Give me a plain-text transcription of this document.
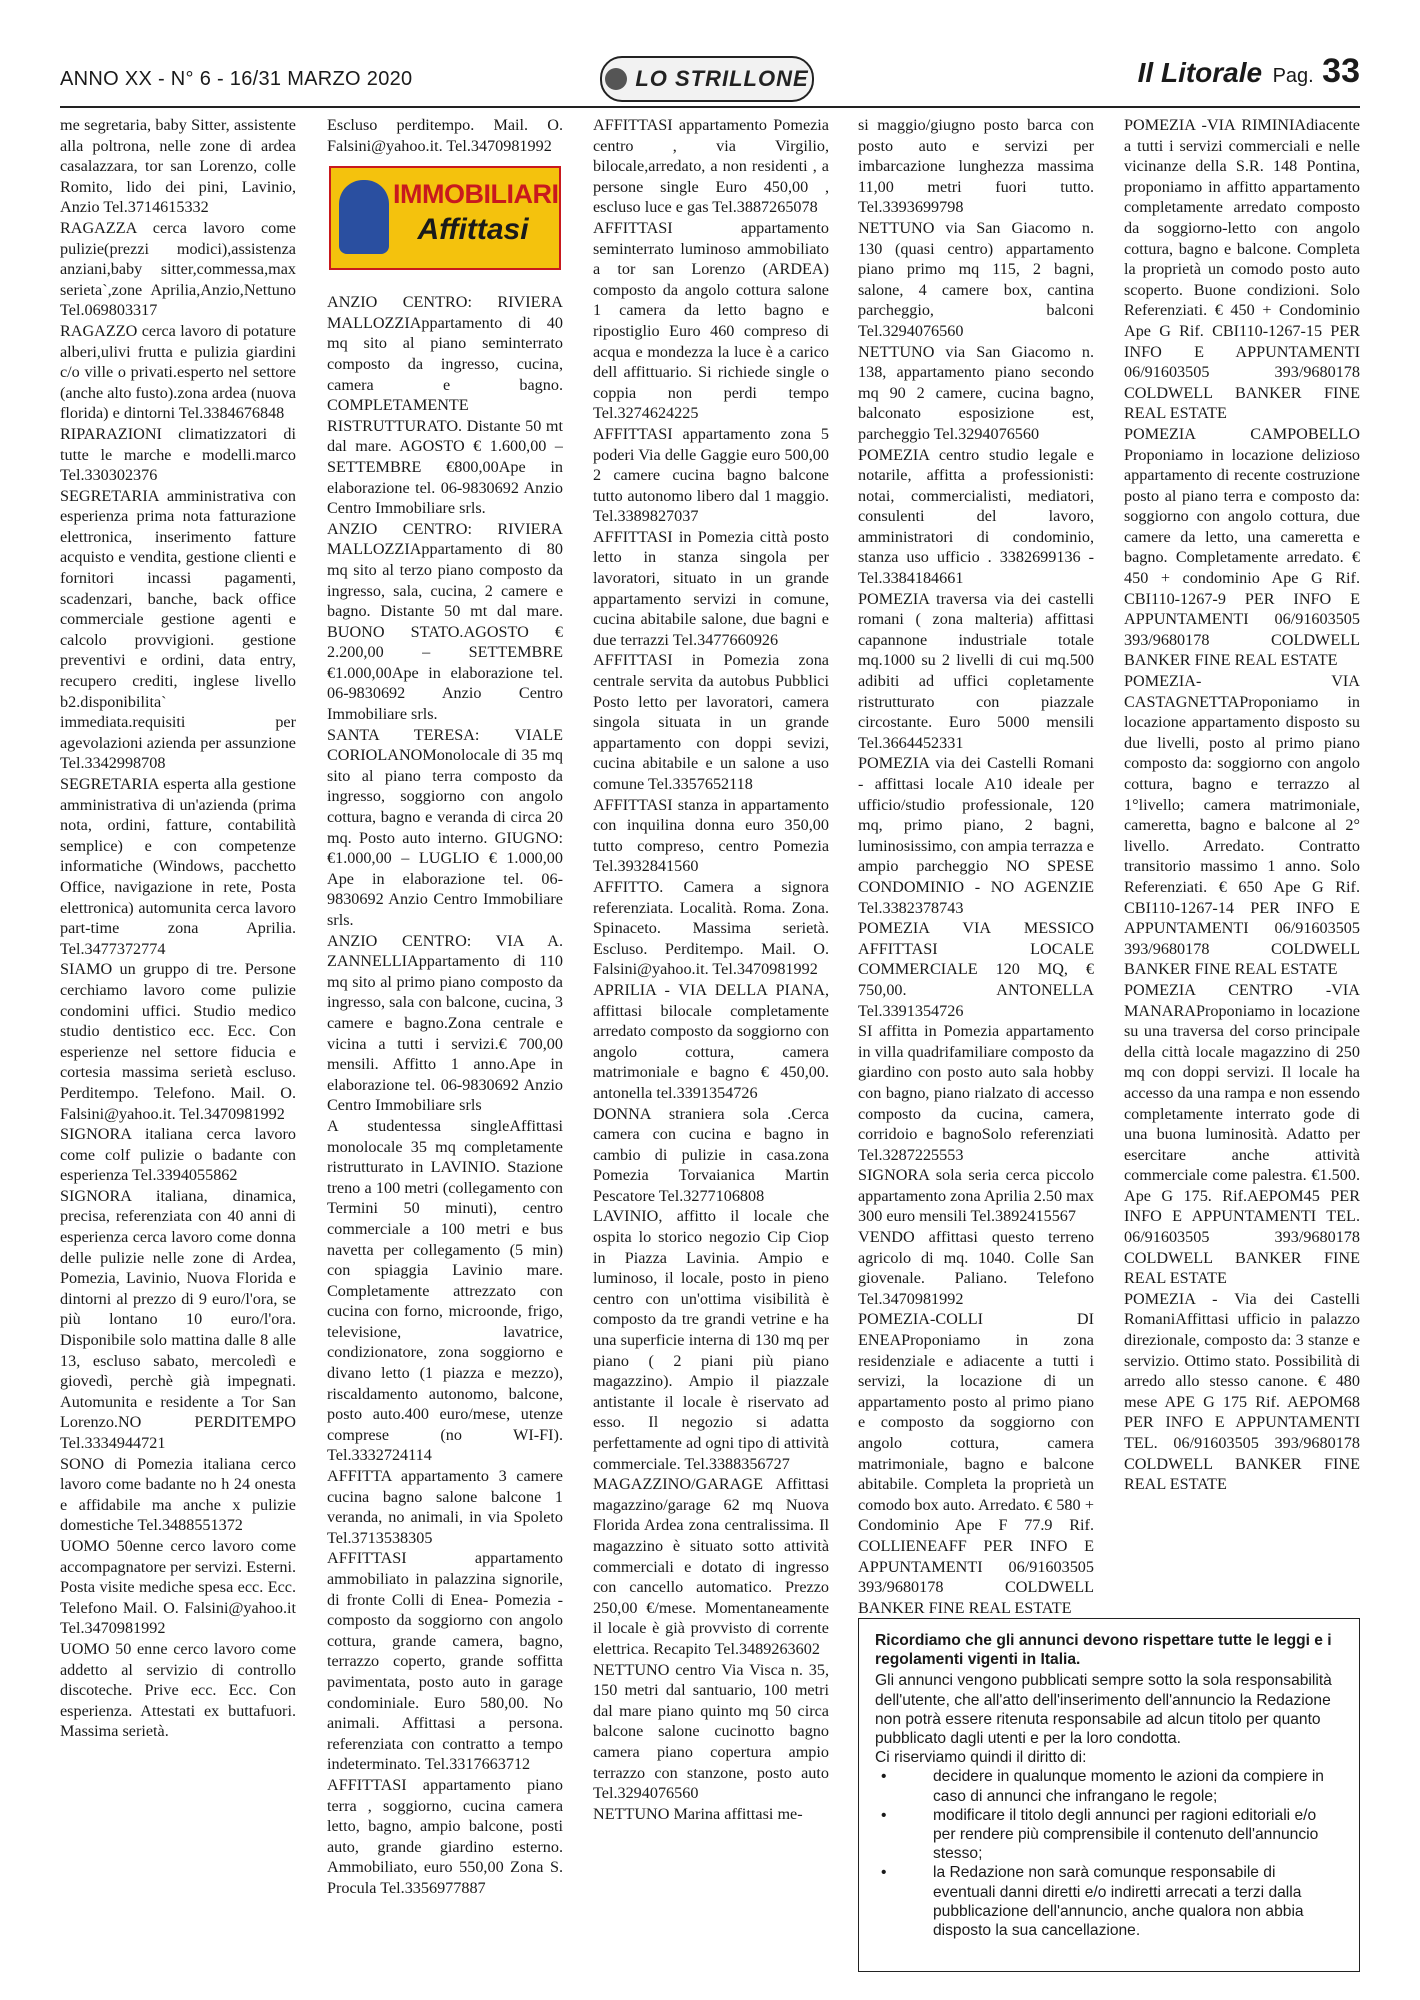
ANNO XX - N° 6 - 16/31 MARZO 2020	LO STRILLONE	Il Litorale Pag. 33

me segretaria, baby Sitter, assistente alla poltrona, nelle zone di ardea casalazzara, tor san Lorenzo, colle Romito, lido dei pini, Lavinio, Anzio Tel.3714615332

RAGAZZA cerca lavoro come pulizie(prezzi modici),assistenza anziani,baby sitter,commessa,max serieta`,zone Aprilia,Anzio,Nettuno Tel.069803317

RAGAZZO cerca lavoro di potature alberi,ulivi frutta e pulizia giardini c/o ville o privati.esperto nel settore (anche alto fusto).zona ardea (nuova florida) e dintorni Tel.3384676848

RIPARAZIONI climatizzatori di tutte le marche e modelli.marco Tel.330302376

SEGRETARIA amministrativa con esperienza prima nota fatturazione elettronica, inserimento fatture acquisto e vendita, gestione clienti e fornitori incassi pagamenti, scadenzari, banche, back office commerciale gestione agenti e calcolo provvigioni. gestione preventivi e ordini, data entry, recupero crediti, inglese livello b2.disponibilita` immediata.requisiti per agevolazioni azienda per assunzione Tel.3342998708

SEGRETARIA esperta alla gestione amministrativa di un'azienda (prima nota, ordini, fatture, contabilità semplice) e con competenze informatiche (Windows, pacchetto Office, navigazione in rete, Posta elettronica) automunita cerca lavoro part-time zona Aprilia. Tel.3477372774

SIAMO un gruppo di tre. Persone cerchiamo lavoro come pulizie condomini uffici. Studio medico studio dentistico ecc. Ecc. Con esperienze nel settore fiducia e cortesia massima serietà escluso. Perditempo. Telefono. Mail. O. Falsini@yahoo.it. Tel.3470981992

SIGNORA italiana cerca lavoro come colf pulizie o badante con esperienza Tel.3394055862

SIGNORA italiana, dinamica, precisa, referenziata con 40 anni di esperienza cerca lavoro come donna delle pulizie nelle zone di Ardea, Pomezia, Lavinio, Nuova Florida e dintorni al prezzo di 9 euro/l'ora, se più lontano 10 euro/l'ora. Disponibile solo mattina dalle 8 alle 13, escluso sabato, mercoledì e giovedì, perchè già impegnati. Automunita e residente a Tor San Lorenzo.NO PERDITEMPO Tel.3334944721

SONO di Pomezia italiana cerco lavoro come badante no h 24 onesta e affidabile ma anche x pulizie domestiche Tel.3488551372

UOMO 50enne cerco lavoro come accompagnatore per servizi. Esterni. Posta visite mediche spesa ecc. Ecc. Telefono Mail. O. Falsini@yahoo.it Tel.3470981992

UOMO 50 enne cerco lavoro come addetto al servizio di controllo discoteche. Prive ecc. Ecc. Con esperienza. Attestati ex buttafuori. Massima serietà.

Escluso perditempo. Mail. O. Falsini@yahoo.it. Tel.3470981992

IMMOBILIARI
Affittasi

ANZIO CENTRO: RIVIERA MALLOZZIAppartamento di 40 mq sito al piano seminterrato composto da ingresso, cucina, camera e bagno. COMPLETAMENTE RISTRUTTURATO. Distante 50 mt dal mare. AGOSTO € 1.600,00 – SETTEMBRE €800,00Ape in elaborazione tel. 06-9830692 Anzio Centro Immobiliare srls.

ANZIO CENTRO: RIVIERA MALLOZZIAppartamento di 80 mq sito al terzo piano composto da ingresso, sala, cucina, 2 camere e bagno. Distante 50 mt dal mare. BUONO STATO.AGOSTO € 2.200,00 – SETTEMBRE €1.000,00Ape in elaborazione tel. 06-9830692 Anzio Centro Immobiliare srls.

SANTA TERESA: VIALE CORIOLANOMonolocale di 35 mq sito al piano terra composto da ingresso, soggiorno con angolo cottura, bagno e veranda di circa 20 mq. Posto auto interno. GIUGNO: €1.000,00 – LUGLIO € 1.000,00 Ape in elaborazione tel. 06-9830692 Anzio Centro Immobiliare srls.

ANZIO CENTRO: VIA A. ZANNELLIAppartamento di 110 mq sito al primo piano composto da ingresso, sala con balcone, cucina, 3 camere e bagno.Zona centrale e vicina a tutti i servizi.€ 700,00 mensili. Affitto 1 anno.Ape in elaborazione tel. 06-9830692 Anzio Centro Immobiliare srls

A studentessa singleAffittasi monolocale 35 mq completamente ristrutturato in LAVINIO. Stazione treno a 100 metri (collegamento con Termini 50 minuti), centro commerciale a 100 metri e bus navetta per collegamento (5 min) con spiaggia Lavinio mare. Completamente attrezzato con cucina con forno, microonde, frigo, televisione, lavatrice, condizionatore, zona soggiorno e divano letto (1 piazza e mezzo), riscaldamento autonomo, balcone, posto auto.400 euro/mese, utenze comprese (no WI-FI). Tel.3332724114

AFFITTA appartamento 3 camere cucina bagno salone balcone 1 veranda, no animali, in via Spoleto Tel.3713538305

AFFITTASI appartamento ammobiliato in palazzina signorile, di fronte Colli di Enea- Pomezia - composto da soggiorno con angolo cottura, grande camera, bagno, terrazzo coperto, grande soffitta pavimentata, posto auto in garage condominiale. Euro 580,00. No animali. Affittasi a persona. referenziata con contratto a tempo indeterminato. Tel.3317663712

AFFITTASI appartamento piano terra , soggiorno, cucina camera letto, bagno, ampio balcone, posti auto, grande giardino esterno. Ammobiliato, euro 550,00 Zona S. Procula Tel.3356977887

AFFITTASI appartamento Pomezia centro , via Virgilio, bilocale,arredato, a non residenti , a persone single Euro 450,00 , escluso luce e gas Tel.3887265078

AFFITTASI appartamento seminterrato luminoso ammobiliato a tor san Lorenzo (ARDEA) composto da angolo cottura salone 1 camera da letto bagno e ripostiglio Euro 460 compreso di acqua e mondezza la luce è a carico dell affittuario. Si richiede single o coppia non perdi tempo Tel.3274624225

AFFITTASI appartamento zona 5 poderi Via delle Gaggie euro 500,00 2 camere cucina bagno balcone tutto autonomo libero dal 1 maggio. Tel.3389827037

AFFITTASI in Pomezia città posto letto in stanza singola per lavoratori, situato in un grande appartamento servizi in comune, cucina abitabile salone, due bagni e due terrazzi Tel.3477660926

AFFITTASI in Pomezia zona centrale servita da autobus Pubblici Posto letto per lavoratori, camera singola situata in un grande appartamento con doppi sevizi, cucina abitabile e un salone a uso comune Tel.3357652118

AFFITTASI stanza in appartamento con inquilina donna euro 350,00 tutto compreso, centro Pomezia Tel.3932841560

AFFITTO. Camera a signora referenziata. Località. Roma. Zona. Spinaceto. Massima serietà. Escluso. Perditempo. Mail. O. Falsini@yahoo.it. Tel.3470981992

APRILIA - VIA DELLA PIANA, affittasi bilocale completamente arredato composto da soggiorno con angolo cottura, camera matrimoniale e bagno € 450,00. antonella tel.3391354726

DONNA straniera sola .Cerca camera con cucina e bagno in cambio di pulizie in casa.zona Pomezia Torvaianica Martin Pescatore Tel.3277106808

LAVINIO, affitto il locale che ospita lo storico negozio Cip Ciop in Piazza Lavinia. Ampio e luminoso, il locale, posto in pieno centro con un'ottima visibilità è composto da tre grandi vetrine e ha una superficie interna di 130 mq per piano ( 2 piani più piano magazzino). Ampio il piazzale antistante il locale è riservato ad esso. Il negozio si adatta perfettamente ad ogni tipo di attività commerciale. Tel.3388356727

MAGAZZINO/GARAGE Affittasi magazzino/garage 62 mq Nuova Florida Ardea zona centralissima. Il magazzino è situato sotto attività commerciali e dotato di ingresso con cancello automatico. Prezzo 250,00 €/mese. Momentaneamente il locale è già provvisto di corrente elettrica. Recapito Tel.3489263602

NETTUNO centro Via Visca n. 35, 150 metri dal santuario, 100 metri dal mare piano quinto mq 50 circa balcone salone cucinotto bagno camera piano copertura ampio terrazzo con stanzone, posto auto Tel.3294076560

NETTUNO Marina affittasi me-

si maggio/giugno posto barca con posto auto e servizi per imbarcazione lunghezza massima 11,00 metri fuori tutto. Tel.3393699798

NETTUNO via San Giacomo n. 130 (quasi centro) appartamento piano primo mq 115, 2 bagni, salone, 4 camere box, cantina parcheggio, balconi Tel.3294076560

NETTUNO via San Giacomo n. 138, appartamento piano secondo mq 90 2 camere, cucina bagno, balconato esposizione est, parcheggio Tel.3294076560

POMEZIA centro studio legale e notarile, affitta a professionisti: notai, commercialisti, mediatori, consulenti del lavoro, amministratori di condominio, stanza uso ufficio . 3382699136 - Tel.3384184661

POMEZIA traversa via dei castelli romani ( zona malteria) affittasi capannone industriale totale mq.1000 su 2 livelli di cui mq.500 adibiti ad uffici copletamente ristrutturato con piazzale circostante. Euro 5000 mensili Tel.3664452331

POMEZIA via dei Castelli Romani - affittasi locale A10 ideale per ufficio/studio professionale, 120 mq, primo piano, 2 bagni, luminosissimo, con ampia terrazza e ampio parcheggio NO SPESE CONDOMINIO - NO AGENZIE Tel.3382378743

POMEZIA VIA MESSICO AFFITTASI LOCALE COMMERCIALE 120 MQ, € 750,00. ANTONELLA Tel.3391354726

SI affitta in Pomezia appartamento in villa quadrifamiliare composto da giardino con posto auto sala hobby con bagno, piano rialzato di accesso composto da cucina, camera, corridoio e bagnoSolo referenziati Tel.3287225553

SIGNORA sola seria cerca piccolo appartamento zona Aprilia 2.50 max 300 euro mensili Tel.3892415567

VENDO affittasi questo terreno agricolo di mq. 1040. Colle San giovenale. Paliano. Telefono Tel.3470981992

POMEZIA-COLLI DI ENEAProponiamo in zona residenziale e adiacente a tutti i servizi, la locazione di un appartamento posto al primo piano e composto da soggiorno con angolo cottura, camera matrimoniale, bagno e balcone abitabile. Completa la proprietà un comodo box auto. Arredato. € 580 + Condominio Ape F 77.9 Rif. COLLIENEAFF PER INFO E APPUNTAMENTI 06/91603505 393/9680178 COLDWELL BANKER FINE REAL ESTATE

POMEZIA -VIA RIMINIAdiacente a tutti i servizi commerciali e nelle vicinanze della S.R. 148 Pontina, proponiamo in affitto appartamento completamente arredato composto da soggiorno-letto con angolo cottura, bagno e balcone. Completa la proprietà un comodo posto auto scoperto. Buone condizioni. Solo Referenziati. € 450 + Condominio Ape G Rif. CBI110-1267-15 PER INFO E APPUNTAMENTI 06/91603505 393/9680178 COLDWELL BANKER FINE REAL ESTATE

POMEZIA CAMPOBELLO Proponiamo in locazione delizioso appartamento di recente costruzione posto al piano terra e composto da: soggiorno con angolo cottura, due camere da letto, una cameretta e bagno. Completamente arredato. € 450 + condominio Ape G Rif. CBI110-1267-9 PER INFO E APPUNTAMENTI 06/91603505 393/9680178 COLDWELL BANKER FINE REAL ESTATE

POMEZIA- VIA CASTAGNETTAProponiamo in locazione appartamento disposto su due livelli, posto al primo piano composto da: soggiorno con angolo cottura, bagno e terrazzo al 1°livello; camera matrimoniale, cameretta, bagno e balcone al 2° livello. Arredato. Contratto transitorio massimo 1 anno. Solo Referenziati. € 650 Ape G Rif. CBI110-1267-14 PER INFO E APPUNTAMENTI 06/91603505 393/9680178 COLDWELL BANKER FINE REAL ESTATE

POMEZIA CENTRO -VIA MANARAProponiamo in locazione su una traversa del corso principale della città locale magazzino di 250 mq con doppi servizi. Il locale ha accesso da una rampa e non essendo completamente interrato gode di una buona luminosità. Adatto per esercitare anche attività commerciale come palestra. €1.500. Ape G 175. Rif.AEPOM45 PER INFO E APPUNTAMENTI TEL. 06/91603505 393/9680178 COLDWELL BANKER FINE REAL ESTATE

POMEZIA - Via dei Castelli RomaniAffittasi ufficio in palazzo direzionale, composto da: 3 stanze e servizio. Ottimo stato. Possibilità di arredo allo stesso canone. € 480 mese APE G 175 Rif. AEPOM68 PER INFO E APPUNTAMENTI TEL. 06/91603505 393/9680178 COLDWELL BANKER FINE REAL ESTATE

Ricordiamo che gli annunci devono rispettare tutte le leggi e i regolamenti vigenti in Italia.

Gli annunci vengono pubblicati sempre sotto la sola responsabilità dell'utente, che all'atto dell'inserimento dell'annuncio la Redazione non potrà essere ritenuta responsabile ad alcun titolo per quanto pubblicato dagli utenti e per la loro condotta.

Ci riserviamo quindi il diritto di:

• decidere in qualunque momento le azioni da compiere in caso di annunci che infrangano le regole;
• modificare il titolo degli annunci per ragioni editoriali e/o per rendere più comprensibile il contenuto dell'annuncio stesso;
• la Redazione non sarà comunque responsabile di eventuali danni diretti e/o indiretti arrecati a terzi dalla pubblicazione dell'annuncio, anche qualora non abbia disposto la sua cancellazione.
